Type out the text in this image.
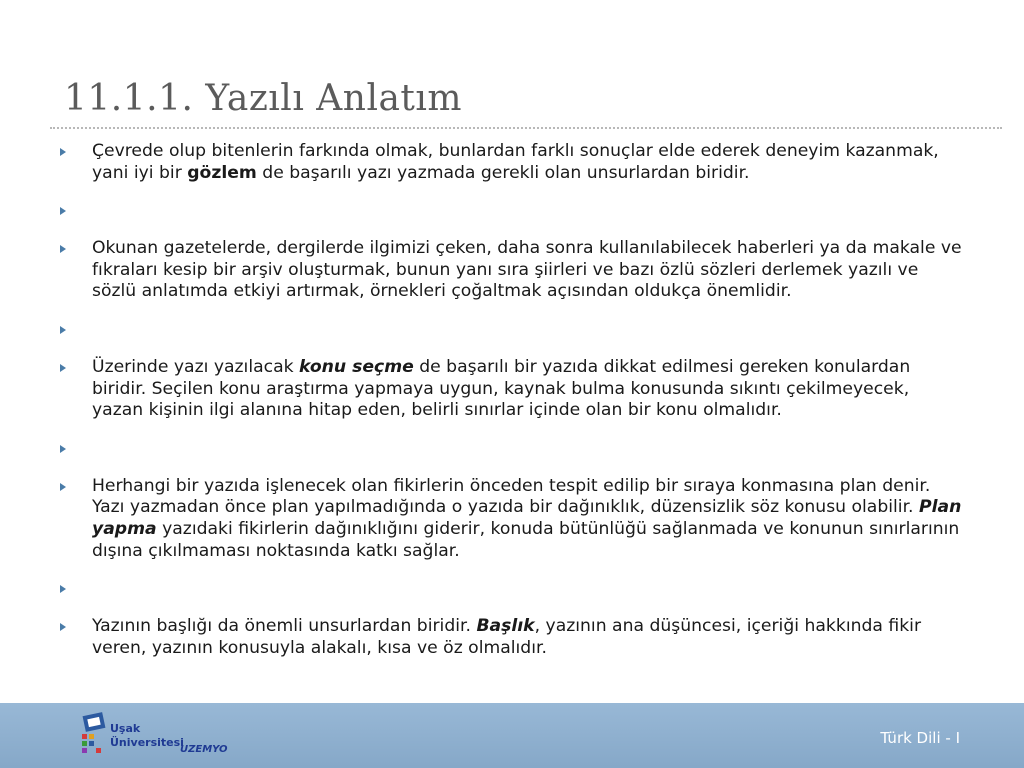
11.1.1. Yazılı Anlatım
Çevrede olup bitenlerin farkında olmak, bunlardan farklı sonuçlar elde ederek deneyim kazanmak, yani iyi bir gözlem de başarılı yazı yazmada gerekli olan unsurlardan biridir.
Okunan gazetelerde, dergilerde ilgimizi çeken, daha sonra kullanılabilecek haberleri ya da makale ve fıkraları kesip bir arşiv oluşturmak, bunun yanı sıra şiirleri ve bazı özlü sözleri derlemek yazılı ve sözlü anlatımda etkiyi artırmak, örnekleri çoğaltmak açısından oldukça önemlidir.
Üzerinde yazı yazılacak konu seçme de başarılı bir yazıda dikkat edilmesi gereken konulardan biridir. Seçilen konu araştırma yapmaya uygun, kaynak bulma konusunda sıkıntı çekilmeyecek, yazan kişinin ilgi alanına hitap eden, belirli sınırlar içinde olan bir konu olmalıdır.
Herhangi bir yazıda işlenecek olan fikirlerin önceden tespit edilip bir sıraya konmasına plan denir. Yazı yazmadan önce plan yapılmadığında o yazıda bir dağınıklık, düzensizlik söz konusu olabilir. Plan yapma yazıdaki fikirlerin dağınıklığını giderir, konuda bütünlüğü sağlanmada ve konunun sınırlarının dışına çıkılmaması noktasında katkı sağlar.
Yazının başlığı da önemli unsurlardan biridir. Başlık, yazının ana düşüncesi, içeriği hakkında fikir veren, yazının konusuyla alakalı, kısa ve öz olmalıdır.
Uşak
Üniversitesi
UZEMYO
Türk Dili - I
